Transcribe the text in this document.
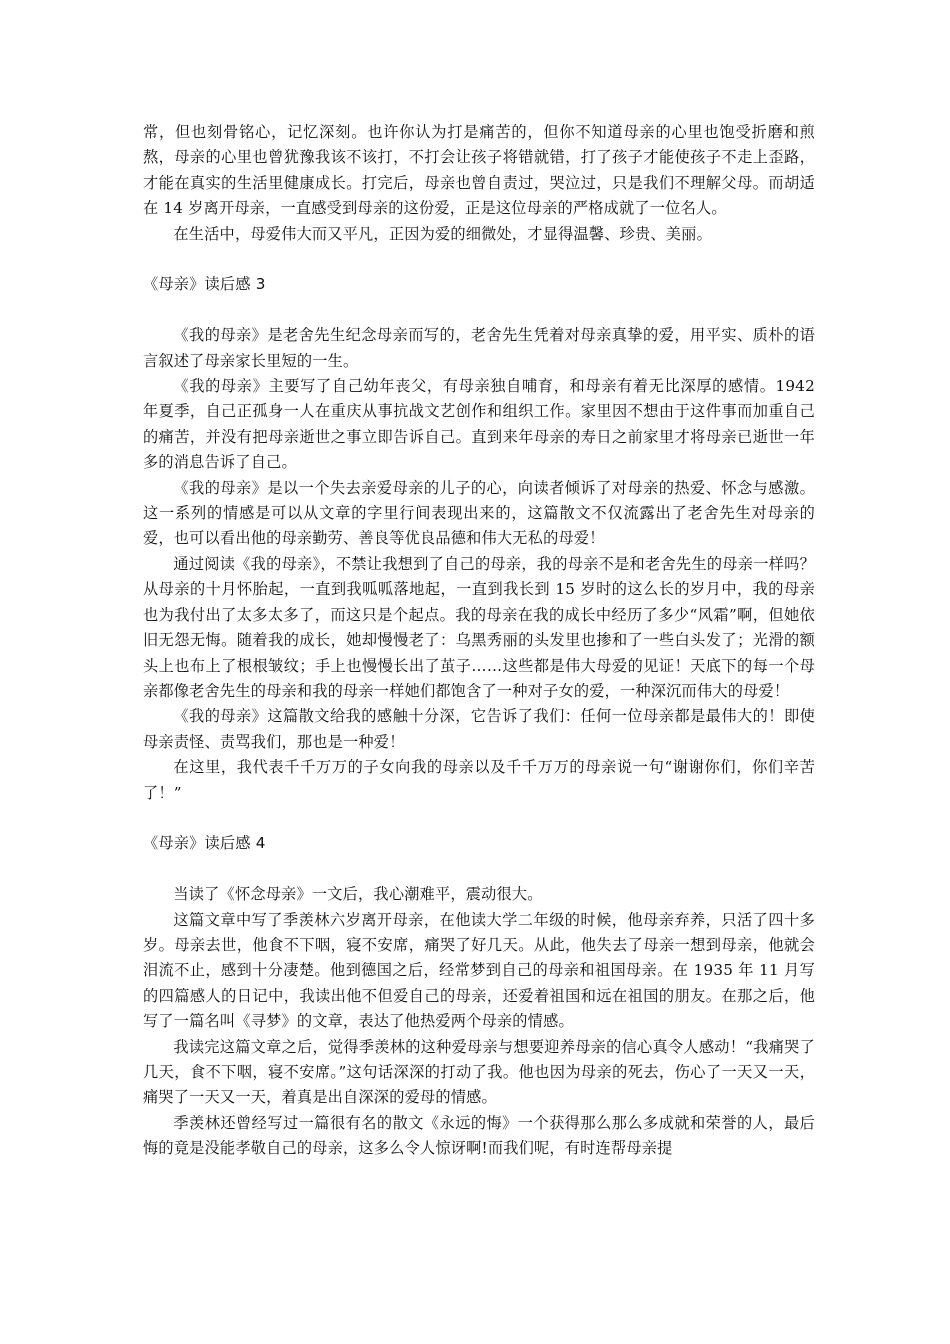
常，但也刻骨铭心，记忆深刻。也许你认为打是痛苦的，但你不知道母亲的心里也饱受折磨和煎熬，母亲的心里也曾犹豫我该不该打，不打会让孩子将错就错，打了孩子才能使孩子不走上歪路，才能在真实的生活里健康成长。打完后，母亲也曾自责过，哭泣过，只是我们不理解父母。而胡适在 14 岁离开母亲，一直感受到母亲的这份爱，正是这位母亲的严格成就了一位名人。

在生活中，母爱伟大而又平凡，正因为爱的细微处，才显得温馨、珍贵、美丽。

《母亲》读后感 3

《我的母亲》是老舍先生纪念母亲而写的，老舍先生凭着对母亲真挚的爱，用平实、质朴的语言叙述了母亲家长里短的一生。

《我的母亲》主要写了自己幼年丧父，有母亲独自哺育，和母亲有着无比深厚的感情。1942 年夏季，自己正孤身一人在重庆从事抗战文艺创作和组织工作。家里因不想由于这件事而加重自己的痛苦，并没有把母亲逝世之事立即告诉自己。直到来年母亲的寿日之前家里才将母亲已逝世一年多的消息告诉了自己。

《我的母亲》是以一个失去亲爱母亲的儿子的心，向读者倾诉了对母亲的热爱、怀念与感激。这一系列的情感是可以从文章的字里行间表现出来的，这篇散文不仅流露出了老舍先生对母亲的爱，也可以看出他的母亲勤劳、善良等优良品德和伟大无私的母爱！

通过阅读《我的母亲》，不禁让我想到了自己的母亲，我的母亲不是和老舍先生的母亲一样吗？从母亲的十月怀胎起，一直到我呱呱落地起，一直到我长到 15 岁时的这么长的岁月中，我的母亲也为我付出了太多太多了，而这只是个起点。我的母亲在我的成长中经历了多少“风霜”啊，但她依旧无怨无悔。随着我的成长，她却慢慢老了：乌黑秀丽的头发里也掺和了一些白头发了；光滑的额头上也布上了根根皱纹；手上也慢慢长出了茧子……这些都是伟大母爱的见证！天底下的每一个母亲都像老舍先生的母亲和我的母亲一样她们都饱含了一种对子女的爱，一种深沉而伟大的母爱！

《我的母亲》这篇散文给我的感触十分深，它告诉了我们：任何一位母亲都是最伟大的！即使母亲责怪、责骂我们，那也是一种爱！

在这里，我代表千千万万的子女向我的母亲以及千千万万的母亲说一句“谢谢你们，你们辛苦了！”

《母亲》读后感 4

当读了《怀念母亲》一文后，我心潮难平，震动很大。

这篇文章中写了季羡林六岁离开母亲，在他读大学二年级的时候，他母亲弃养，只活了四十多岁。母亲去世，他食不下咽，寝不安席，痛哭了好几天。从此，他失去了母亲一想到母亲，他就会泪流不止，感到十分凄楚。他到德国之后，经常梦到自己的母亲和祖国母亲。在 1935 年 11 月写的四篇感人的日记中，我读出他不但爱自己的母亲，还爱着祖国和远在祖国的朋友。在那之后，他写了一篇名叫《寻梦》的文章，表达了他热爱两个母亲的情感。

我读完这篇文章之后，觉得季羡林的这种爱母亲与想要迎养母亲的信心真令人感动！“我痛哭了几天，食不下咽，寝不安席。”这句话深深的打动了我。他也因为母亲的死去，伤心了一天又一天，痛哭了一天又一天，着真是出自深深的爱母的情感。

季羡林还曾经写过一篇很有名的散文《永远的悔》一个获得那么那么多成就和荣誉的人，最后悔的竟是没能孝敬自己的母亲，这多么令人惊讶啊!而我们呢，有时连帮母亲提
